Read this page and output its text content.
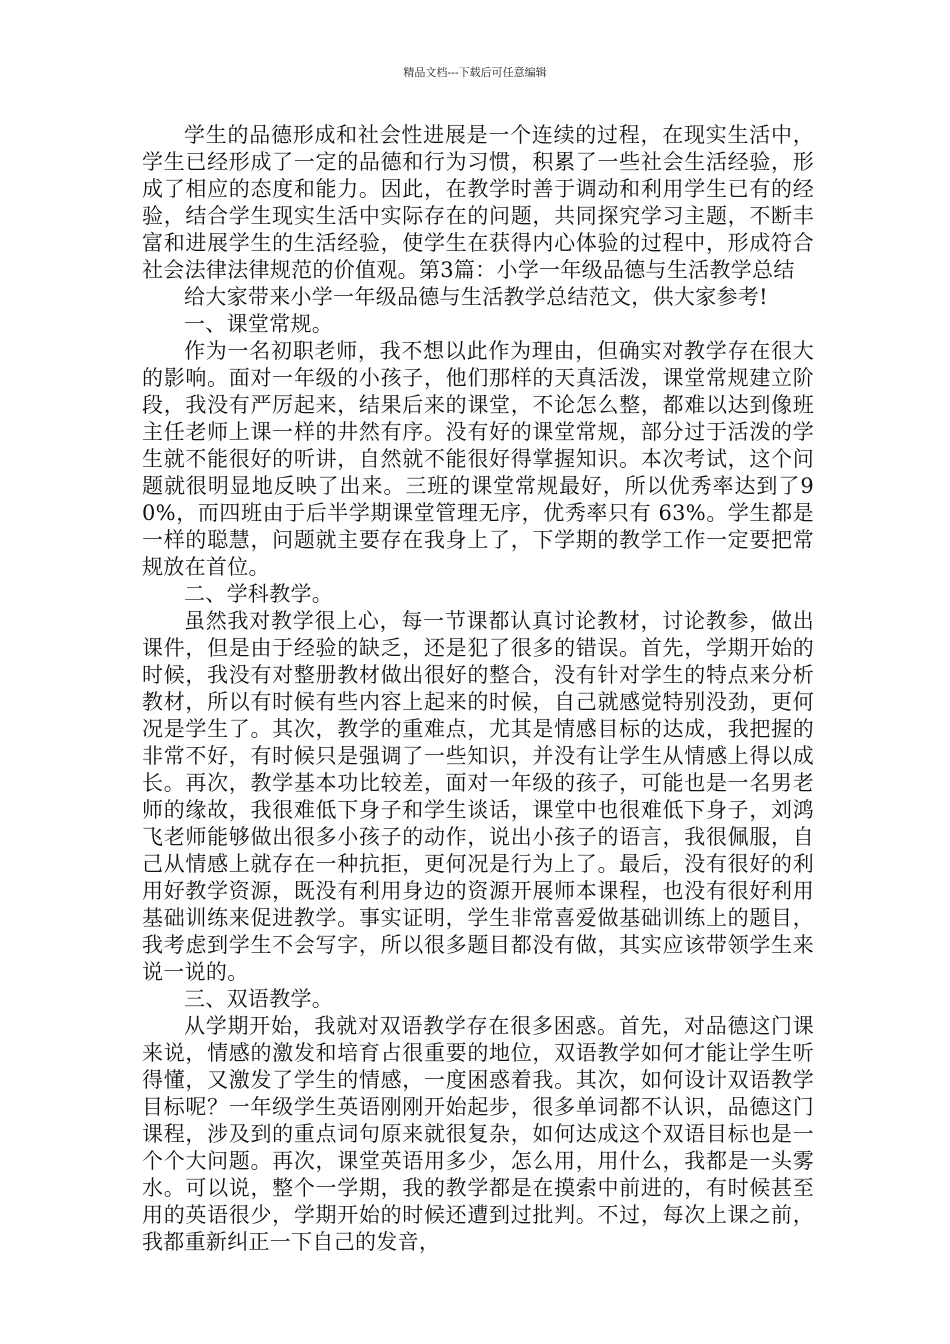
精品文档---下载后可任意编辑

学生的品德形成和社会性进展是一个连续的过程，在现实生活中，学生已经形成了一定的品德和行为习惯，积累了一些社会生活经验，形成了相应的态度和能力。因此，在教学时善于调动和利用学生已有的经验，结合学生现实生活中实际存在的问题，共同探究学习主题，不断丰富和进展学生的生活经验，使学生在获得内心体验的过程中，形成符合社会法律法律规范的价值观。第3篇：小学一年级品德与生活教学总结

给大家带来小学一年级品德与生活教学总结范文，供大家参考!

一、课堂常规。

作为一名初职老师，我不想以此作为理由，但确实对教学存在很大的影响。面对一年级的小孩子，他们那样的天真活泼，课堂常规建立阶段，我没有严厉起来，结果后来的课堂，不论怎么整，都难以达到像班主任老师上课一样的井然有序。没有好的课堂常规，部分过于活泼的学生就不能很好的听讲，自然就不能很好得掌握知识。本次考试，这个问题就很明显地反映了出来。三班的课堂常规最好，所以优秀率达到了90%，而四班由于后半学期课堂管理无序，优秀率只有 63%。学生都是一样的聪慧，问题就主要存在我身上了，下学期的教学工作一定要把常规放在首位。

二、学科教学。

虽然我对教学很上心，每一节课都认真讨论教材，讨论教参，做出课件，但是由于经验的缺乏，还是犯了很多的错误。首先，学期开始的时候，我没有对整册教材做出很好的整合，没有针对学生的特点来分析教材，所以有时候有些内容上起来的时候，自己就感觉特别没劲，更何况是学生了。其次，教学的重难点，尤其是情感目标的达成，我把握的非常不好，有时候只是强调了一些知识，并没有让学生从情感上得以成长。再次，教学基本功比较差，面对一年级的孩子，可能也是一名男老师的缘故，我很难低下身子和学生谈话，课堂中也很难低下身子，刘鸿飞老师能够做出很多小孩子的动作，说出小孩子的语言，我很佩服，自己从情感上就存在一种抗拒，更何况是行为上了。最后，没有很好的利用好教学资源，既没有利用身边的资源开展师本课程，也没有很好利用基础训练来促进教学。事实证明，学生非常喜爱做基础训练上的题目，我考虑到学生不会写字，所以很多题目都没有做，其实应该带领学生来说一说的。

三、双语教学。

从学期开始，我就对双语教学存在很多困惑。首先，对品德这门课来说，情感的激发和培育占很重要的地位，双语教学如何才能让学生听得懂，又激发了学生的情感，一度困惑着我。其次，如何设计双语教学目标呢？一年级学生英语刚刚开始起步，很多单词都不认识，品德这门课程，涉及到的重点词句原来就很复杂，如何达成这个双语目标也是一个个大问题。再次，课堂英语用多少，怎么用，用什么，我都是一头雾水。可以说，整个一学期，我的教学都是在摸索中前进的，有时候甚至用的英语很少，学期开始的时候还遭到过批判。不过，每次上课之前，我都重新纠正一下自己的发音，
